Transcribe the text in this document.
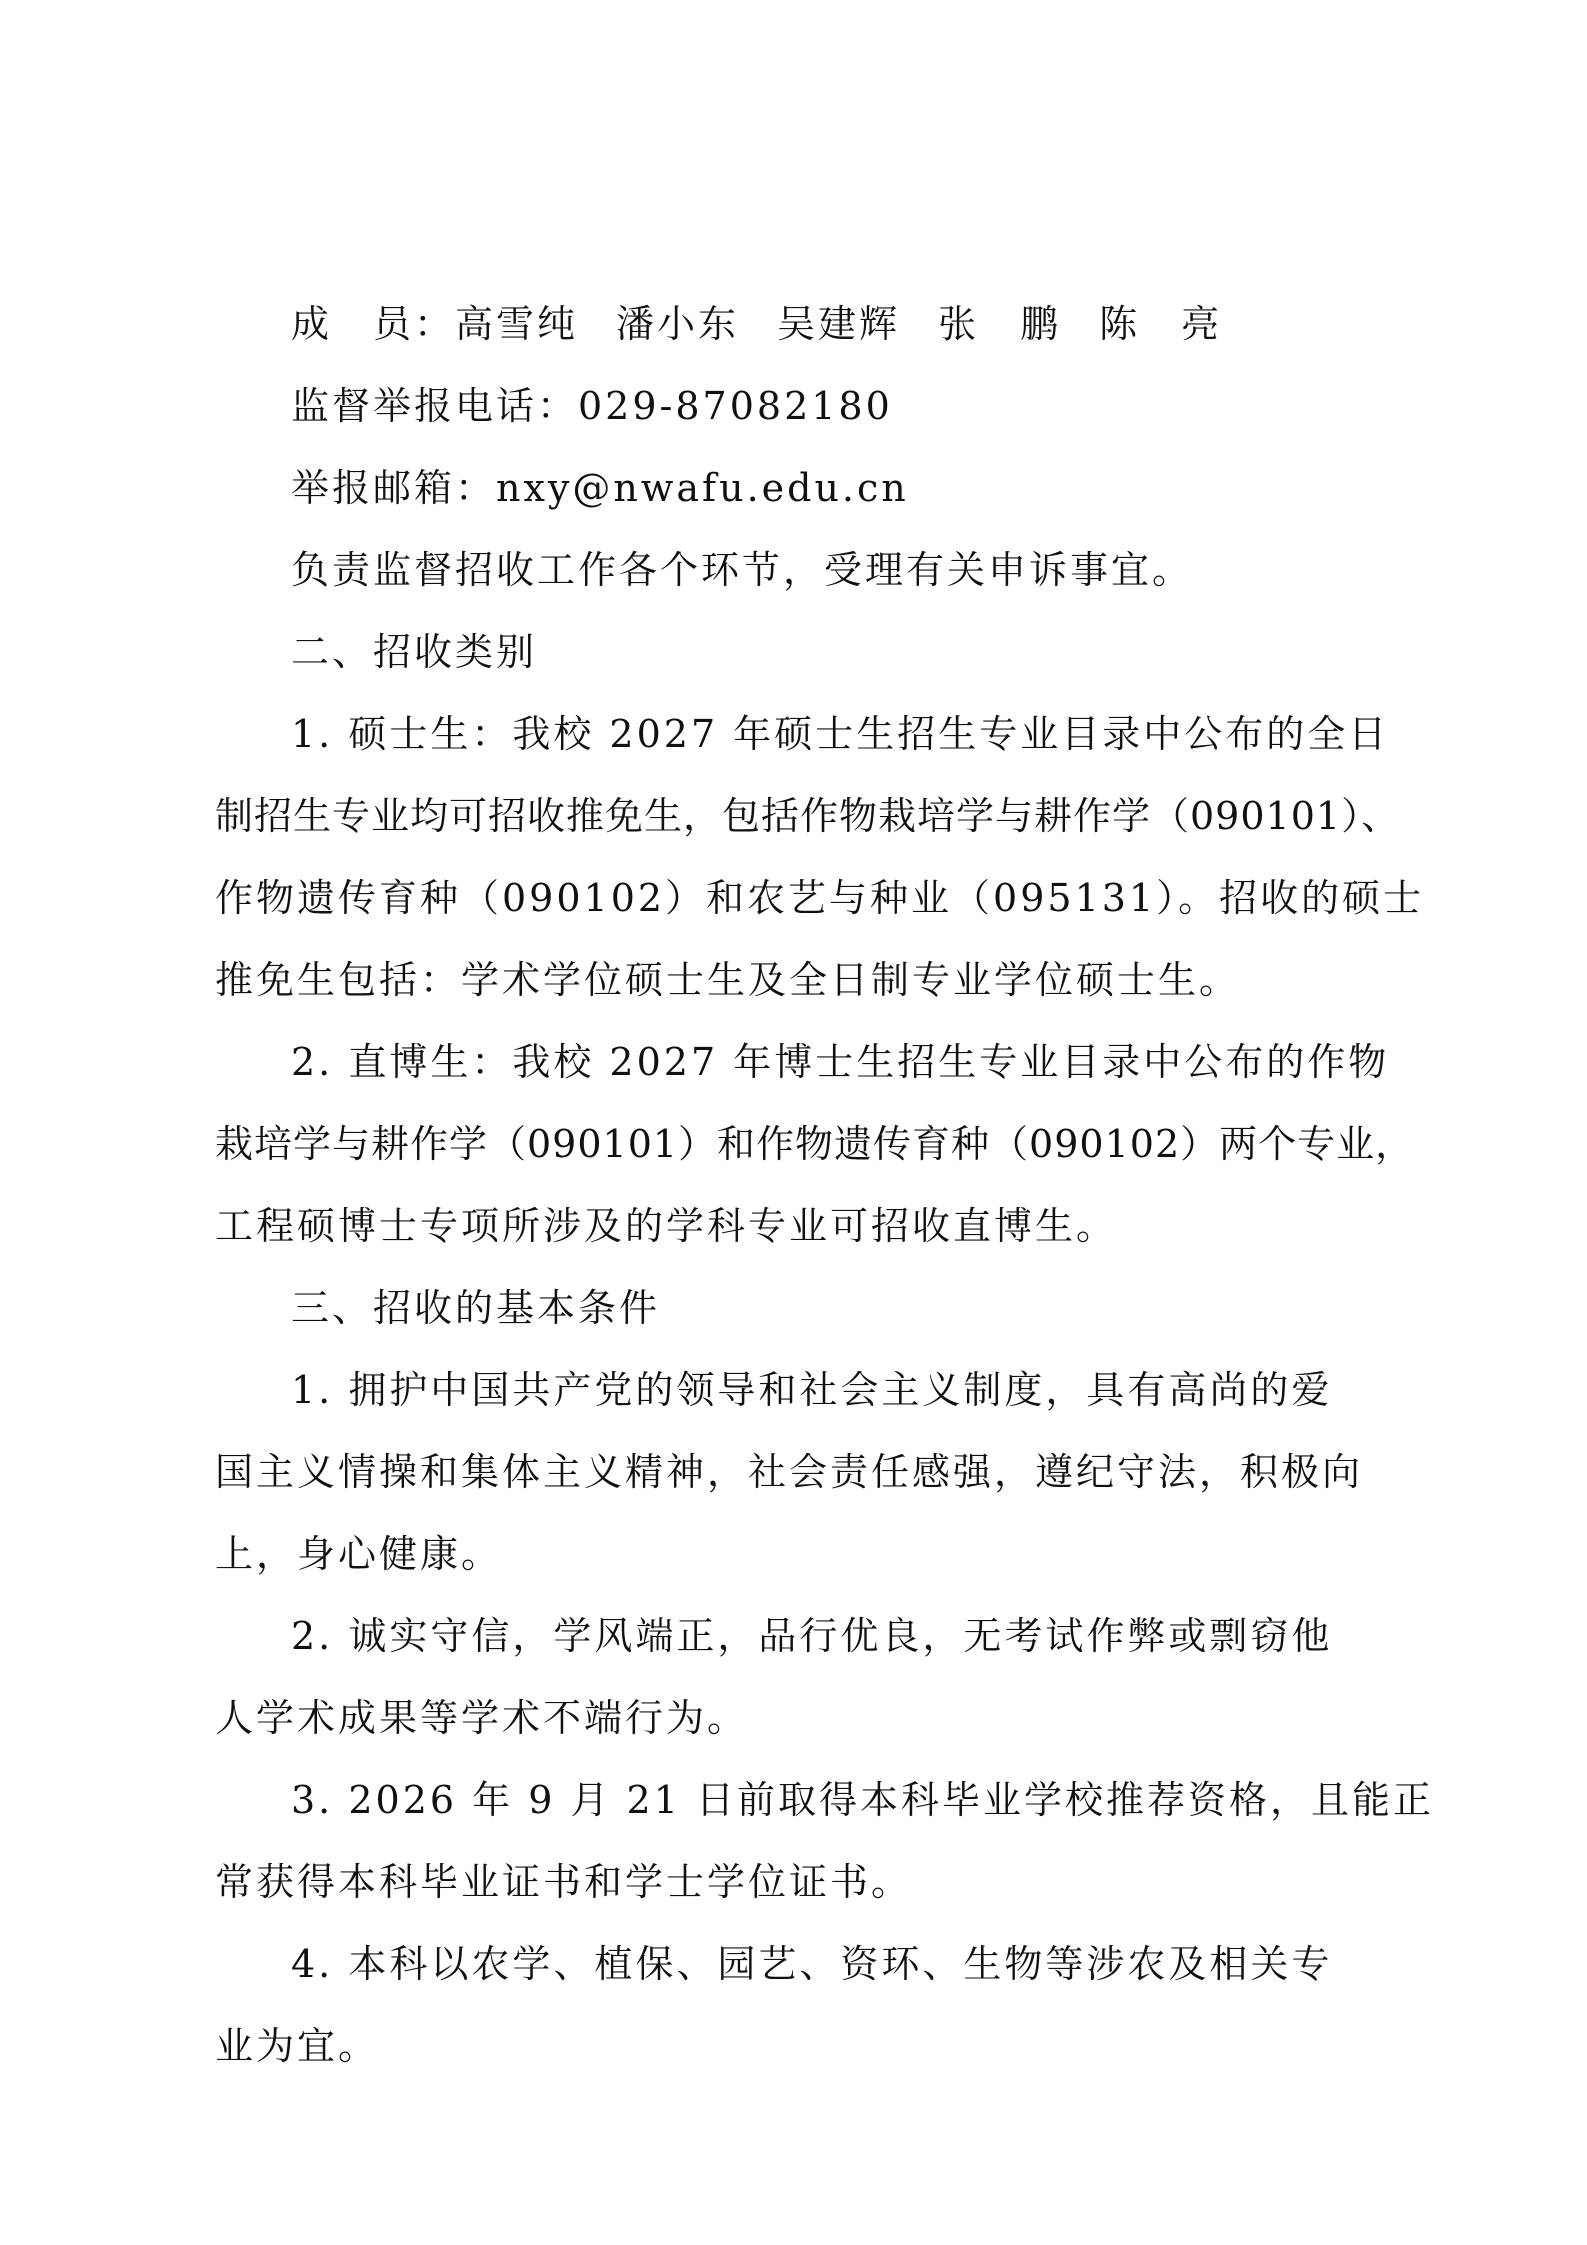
成　员：高雪纯 潘小东 吴建辉 张　鹏 陈　亮
监督举报电话：029-87082180
举报邮箱：nxy@nwafu.edu.cn
负责监督招收工作各个环节，受理有关申诉事宜。
二、招收类别
1. 硕士生：我校 2027 年硕士生招生专业目录中公布的全日
制招生专业均可招收推免生，包括作物栽培学与耕作学（090101）、
作物遗传育种（090102）和农艺与种业（095131）。招收的硕士
推免生包括：学术学位硕士生及全日制专业学位硕士生。
2. 直博生：我校 2027 年博士生招生专业目录中公布的作物
栽培学与耕作学（090101）和作物遗传育种（090102）两个专业，
工程硕博士专项所涉及的学科专业可招收直博生。
三、招收的基本条件
1. 拥护中国共产党的领导和社会主义制度，具有高尚的爱
国主义情操和集体主义精神，社会责任感强，遵纪守法，积极向
上，身心健康。
2. 诚实守信，学风端正，品行优良，无考试作弊或剽窃他
人学术成果等学术不端行为。
3. 2026 年 9 月 21 日前取得本科毕业学校推荐资格，且能正
常获得本科毕业证书和学士学位证书。
4. 本科以农学、植保、园艺、资环、生物等涉农及相关专
业为宜。
